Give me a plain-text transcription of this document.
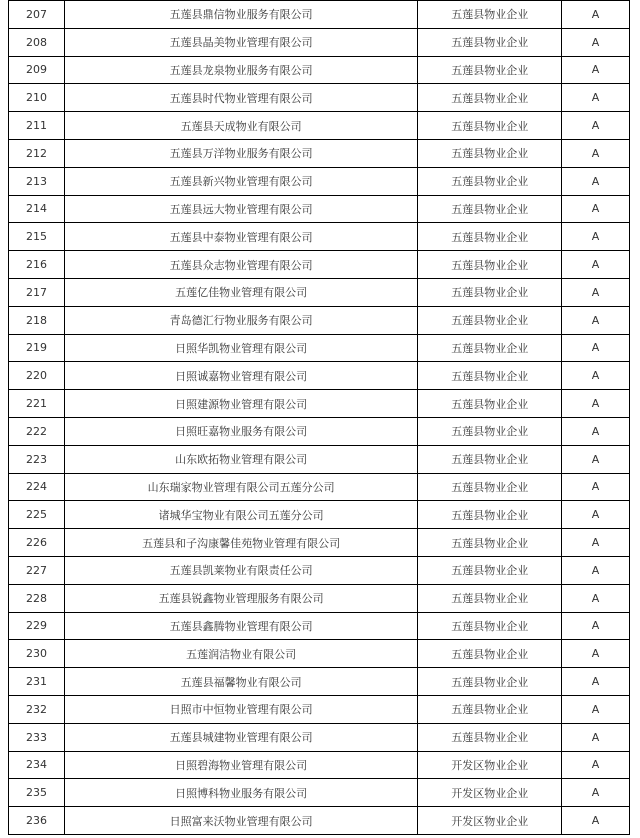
207	五莲县鼎信物业服务有限公司	五莲县物业企业	A
208	五莲县晶美物业管理有限公司	五莲县物业企业	A
209	五莲县龙泉物业服务有限公司	五莲县物业企业	A
210	五莲县时代物业管理有限公司	五莲县物业企业	A
211	五莲县天成物业有限公司	五莲县物业企业	A
212	五莲县万洋物业服务有限公司	五莲县物业企业	A
213	五莲县新兴物业管理有限公司	五莲县物业企业	A
214	五莲县远大物业管理有限公司	五莲县物业企业	A
215	五莲县中泰物业管理有限公司	五莲县物业企业	A
216	五莲县众志物业管理有限公司	五莲县物业企业	A
217	五莲亿佳物业管理有限公司	五莲县物业企业	A
218	青岛德汇行物业服务有限公司	五莲县物业企业	A
219	日照华凯物业管理有限公司	五莲县物业企业	A
220	日照诚嘉物业管理有限公司	五莲县物业企业	A
221	日照建源物业管理有限公司	五莲县物业企业	A
222	日照旺嘉物业服务有限公司	五莲县物业企业	A
223	山东欧拓物业管理有限公司	五莲县物业企业	A
224	山东瑞家物业管理有限公司五莲分公司	五莲县物业企业	A
225	诸城华宝物业有限公司五莲分公司	五莲县物业企业	A
226	五莲县和子沟康馨佳苑物业管理有限公司	五莲县物业企业	A
227	五莲县凯莱物业有限责任公司	五莲县物业企业	A
228	五莲县锐鑫物业管理服务有限公司	五莲县物业企业	A
229	五莲县鑫腾物业管理有限公司	五莲县物业企业	A
230	五莲润洁物业有限公司	五莲县物业企业	A
231	五莲县福馨物业有限公司	五莲县物业企业	A
232	日照市中恒物业管理有限公司	五莲县物业企业	A
233	五莲县城建物业管理有限公司	五莲县物业企业	A
234	日照碧海物业管理有限公司	开发区物业企业	A
235	日照博科物业服务有限公司	开发区物业企业	A
236	日照富来沃物业管理有限公司	开发区物业企业	A
